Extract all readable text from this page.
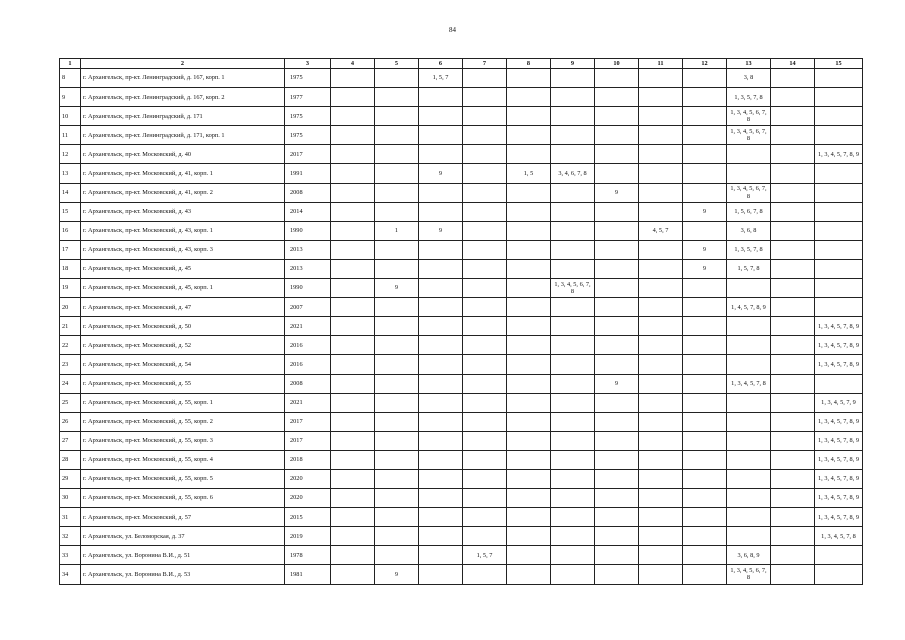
84
1	2	3	4	5	6	7	8	9	10	11	12	13	14	15
8	г. Архангельск, пр-кт. Ленинградский, д. 167, корп. 1	1975			1, 5, 7							3, 8		
9	г. Архангельск, пр-кт. Ленинградский, д. 167, корп. 2	1977										1, 3, 5, 7, 8		
10	г. Архангельск, пр-кт. Ленинградский, д. 171	1975										1, 3, 4, 5, 6, 7, 8		
11	г. Архангельск, пр-кт. Ленинградский, д. 171, корп. 1	1975										1, 3, 4, 5, 6, 7, 8		
12	г. Архангельск, пр-кт. Московский, д. 40	2017												1, 3, 4, 5, 7, 8, 9
13	г. Архангельск, пр-кт. Московский, д. 41, корп. 1	1991			9		1, 5	3, 4, 6, 7, 8						
14	г. Архангельск, пр-кт. Московский, д. 41, корп. 2	2008							9			1, 3, 4, 5, 6, 7, 8		
15	г. Архангельск, пр-кт. Московский, д. 43	2014									9	1, 5, 6, 7, 8		
16	г. Архангельск, пр-кт. Московский, д. 43, корп. 1	1990		1	9					4, 5, 7		3, 6, 8		
17	г. Архангельск, пр-кт. Московский, д. 43, корп. 3	2013									9	1, 3, 5, 7, 8		
18	г. Архангельск, пр-кт. Московский, д. 45	2013									9	1, 5, 7, 8		
19	г. Архангельск, пр-кт. Московский, д. 45, корп. 1	1990		9				1, 3, 4, 5, 6, 7, 8						
20	г. Архангельск, пр-кт. Московский, д. 47	2007										1, 4, 5, 7, 8, 9		
21	г. Архангельск, пр-кт. Московский, д. 50	2021												1, 3, 4, 5, 7, 8, 9
22	г. Архангельск, пр-кт. Московский, д. 52	2016												1, 3, 4, 5, 7, 8, 9
23	г. Архангельск, пр-кт. Московский, д. 54	2016												1, 3, 4, 5, 7, 8, 9
24	г. Архангельск, пр-кт. Московский, д. 55	2008							9			1, 3, 4, 5, 7, 8		
25	г. Архангельск, пр-кт. Московский, д. 55, корп. 1	2021												1, 3, 4, 5, 7, 9
26	г. Архангельск, пр-кт. Московский, д. 55, корп. 2	2017												1, 3, 4, 5, 7, 8, 9
27	г. Архангельск, пр-кт. Московский, д. 55, корп. 3	2017												1, 3, 4, 5, 7, 8, 9
28	г. Архангельск, пр-кт. Московский, д. 55, корп. 4	2018												1, 3, 4, 5, 7, 8, 9
29	г. Архангельск, пр-кт. Московский, д. 55, корп. 5	2020												1, 3, 4, 5, 7, 8, 9
30	г. Архангельск, пр-кт. Московский, д. 55, корп. 6	2020												1, 3, 4, 5, 7, 8, 9
31	г. Архангельск, пр-кт. Московский, д. 57	2015												1, 3, 4, 5, 7, 8, 9
32	г. Архангельск, ул. Беломорская, д. 37	2019												1, 3, 4, 5, 7, 8
33	г. Архангельск, ул. Воронина В.И., д. 51	1978				1, 5, 7						3, 6, 8, 9		
34	г. Архангельск, ул. Воронина В.И., д. 53	1981		9								1, 3, 4, 5, 6, 7, 8		
